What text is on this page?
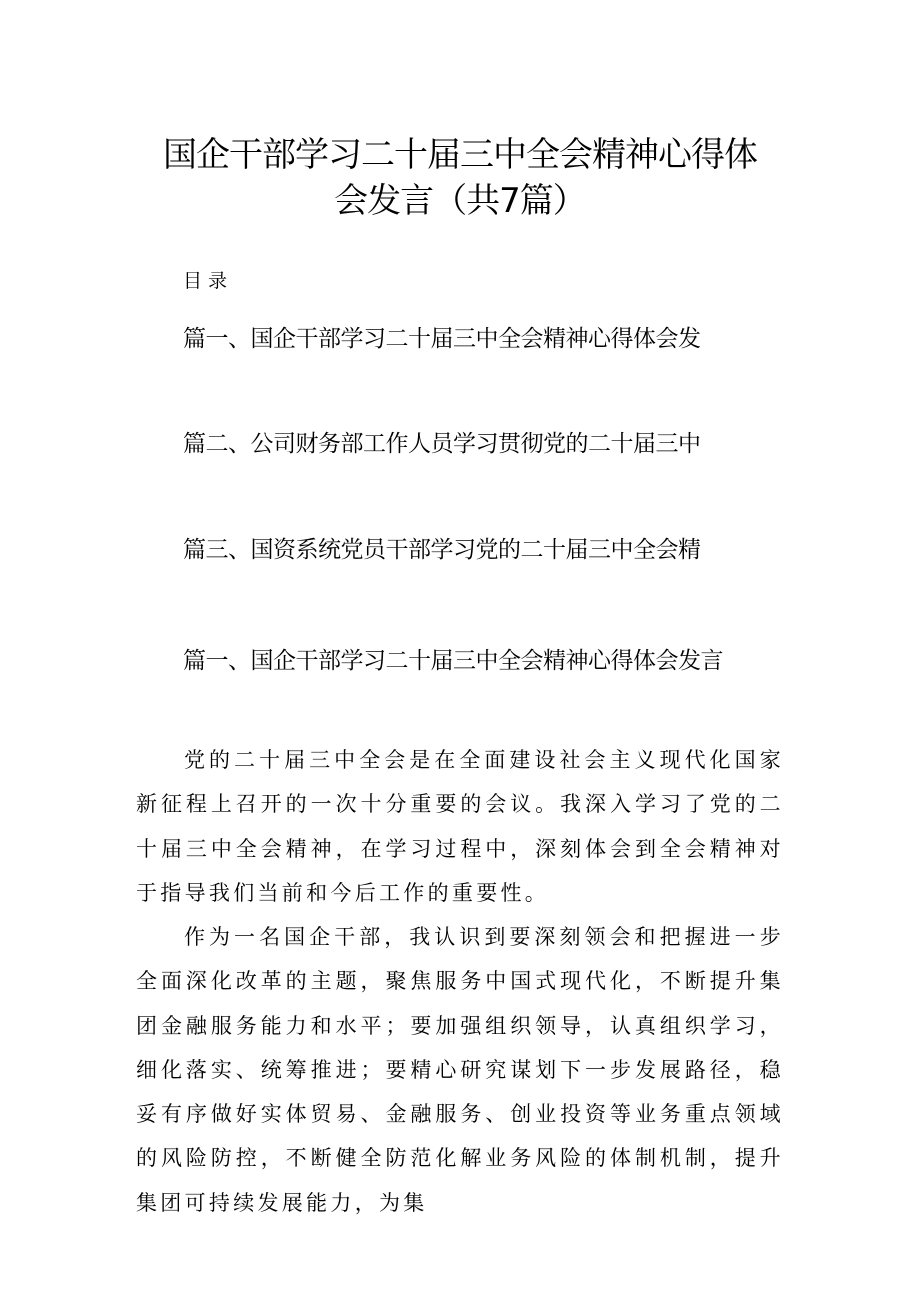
国企干部学习二十届三中全会精神心得体
会发言（共7篇）
目录
篇一、国企干部学习二十届三中全会精神心得体会发
篇二、公司财务部工作人员学习贯彻党的二十届三中
篇三、国资系统党员干部学习党的二十届三中全会精
篇一、国企干部学习二十届三中全会精神心得体会发言

党的二十届三中全会是在全面建设社会主义现代化国家新征程上召开的一次十分重要的会议。我深入学习了党的二十届三中全会精神，在学习过程中，深刻体会到全会精神对于指导我们当前和今后工作的重要性。

作为一名国企干部，我认识到要深刻领会和把握进一步全面深化改革的主题，聚焦服务中国式现代化，不断提升集团金融服务能力和水平；要加强组织领导，认真组织学习，细化落实、统筹推进；要精心研究谋划下一步发展路径，稳妥有序做好实体贸易、金融服务、创业投资等业务重点领域的风险防控，不断健全防范化解业务风险的体制机制，提升集团可持续发展能力，为集
